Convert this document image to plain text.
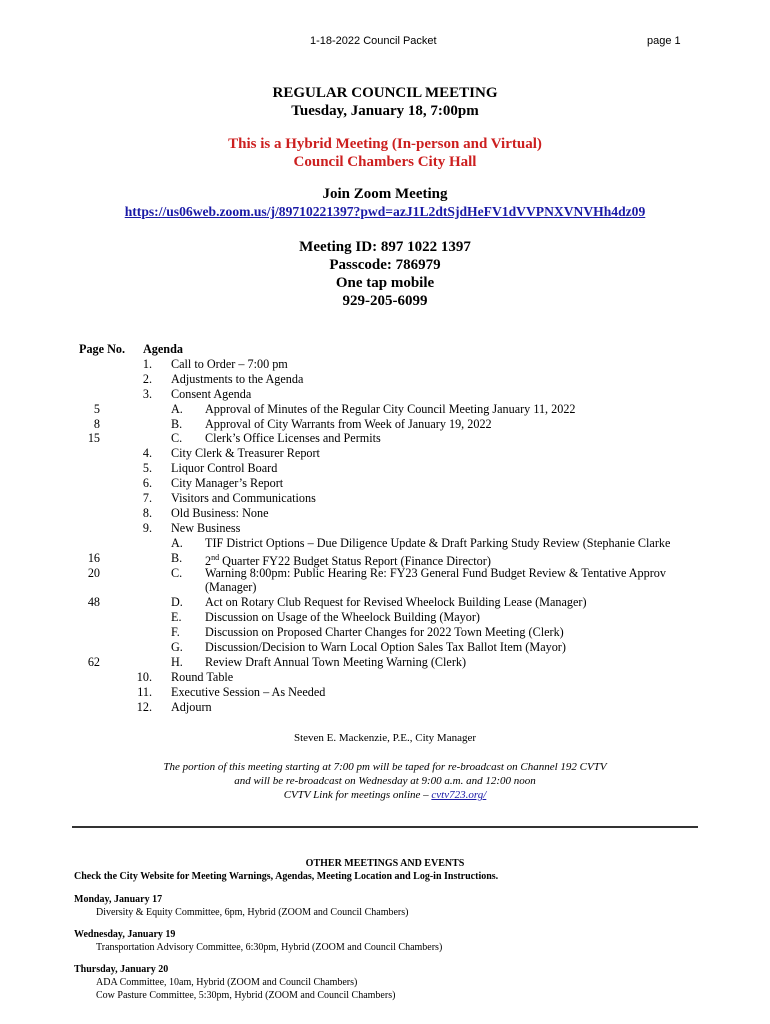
1-18-2022 Council Packet	page 1
REGULAR COUNCIL MEETING
Tuesday, January 18, 7:00pm
This is a Hybrid Meeting (In-person and Virtual)
Council Chambers City Hall
Join Zoom Meeting
https://us06web.zoom.us/j/89710221397?pwd=azJ1L2dtSjdHeFV1dVVPNXVNVHh4dz09
Meeting ID: 897 1022 1397
Passcode: 786979
One tap mobile
929-205-6099
Page No. Agenda
1. Call to Order – 7:00 pm
2. Adjustments to the Agenda
3. Consent Agenda
5	A. Approval of Minutes of the Regular City Council Meeting January 11, 2022
8	B. Approval of City Warrants from Week of January 19, 2022
15	C. Clerk’s Office Licenses and Permits
4. City Clerk & Treasurer Report
5. Liquor Control Board
6. City Manager’s Report
7. Visitors and Communications
8. Old Business: None
9. New Business
A. TIF District Options – Due Diligence Update & Draft Parking Study Review (Stephanie Clarke
16	B. 2nd Quarter FY22 Budget Status Report (Finance Director)
20	C. Warning 8:00pm: Public Hearing Re: FY23 General Fund Budget Review & Tentative Approv
(Manager)
48	D. Act on Rotary Club Request for Revised Wheelock Building Lease (Manager)
E. Discussion on Usage of the Wheelock Building (Mayor)
F. Discussion on Proposed Charter Changes for 2022 Town Meeting (Clerk)
G. Discussion/Decision to Warn Local Option Sales Tax Ballot Item (Mayor)
62	H. Review Draft Annual Town Meeting Warning (Clerk)
10. Round Table
11. Executive Session – As Needed
12. Adjourn
Steven E. Mackenzie, P.E., City Manager
The portion of this meeting starting at 7:00 pm will be taped for re-broadcast on Channel 192 CVTV
and will be re-broadcast on Wednesday at 9:00 a.m. and 12:00 noon
CVTV Link for meetings online – cvtv723.org/
OTHER MEETINGS AND EVENTS
Check the City Website for Meeting Warnings, Agendas, Meeting Location and Log-in Instructions.
Monday, January 17
Diversity & Equity Committee, 6pm, Hybrid (ZOOM and Council Chambers)
Wednesday, January 19
Transportation Advisory Committee, 6:30pm, Hybrid (ZOOM and Council Chambers)
Thursday, January 20
ADA Committee, 10am, Hybrid (ZOOM and Council Chambers)
Cow Pasture Committee, 5:30pm, Hybrid (ZOOM and Council Chambers)
